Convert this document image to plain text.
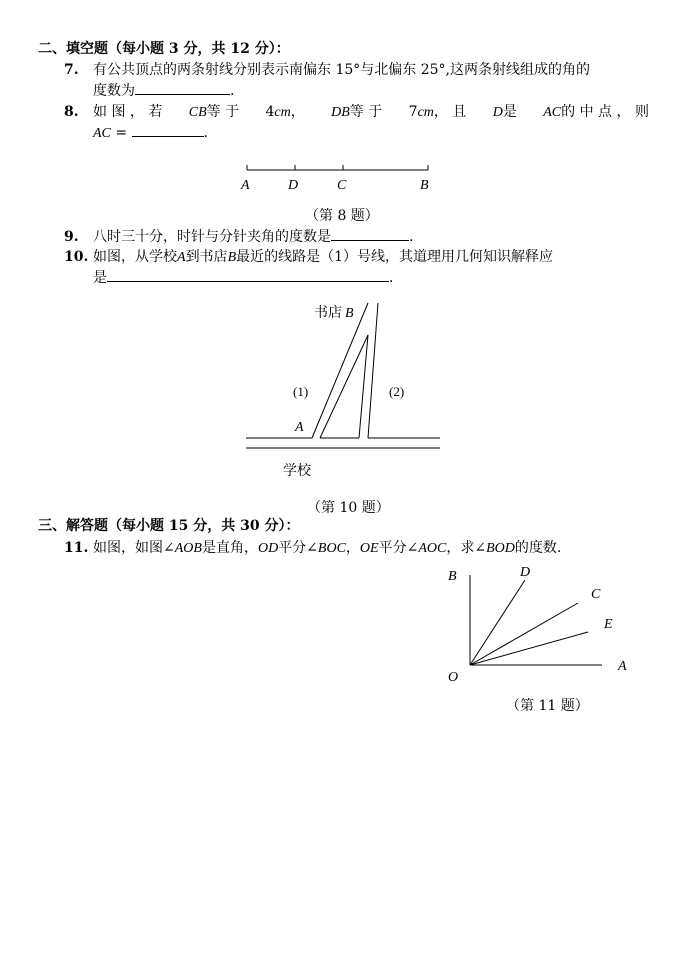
二、填空题（每小题 3 分，共 12 分）：
7. 有公共顶点的两条射线分别表示南偏东 15°与北偏东 25°,这两条射线组成的角的
度数为	.
8. 如 图 ， 若 CB等 于 4cm， DB等 于 7cm， 且 D是 AC的 中 点 ， 则
AC =	.
A	D	C	B
（第 8 题）
9. 八时三十分，时针与分针夹角的度数是	.
10. 如图，从学校A到书店B最近的线路是（1）号线，其道理用几何知识解释应
是	.
书店 B
(1)	(2)
A
学校
（第 10 题）
三、解答题（每小题 15 分，共 30 分）：
11. 如图，如图∠AOB是直角，OD平分∠BOC，OE平分∠AOC，求∠BOD的度数.
B	D
C
E
A
O
（第 11 题）
